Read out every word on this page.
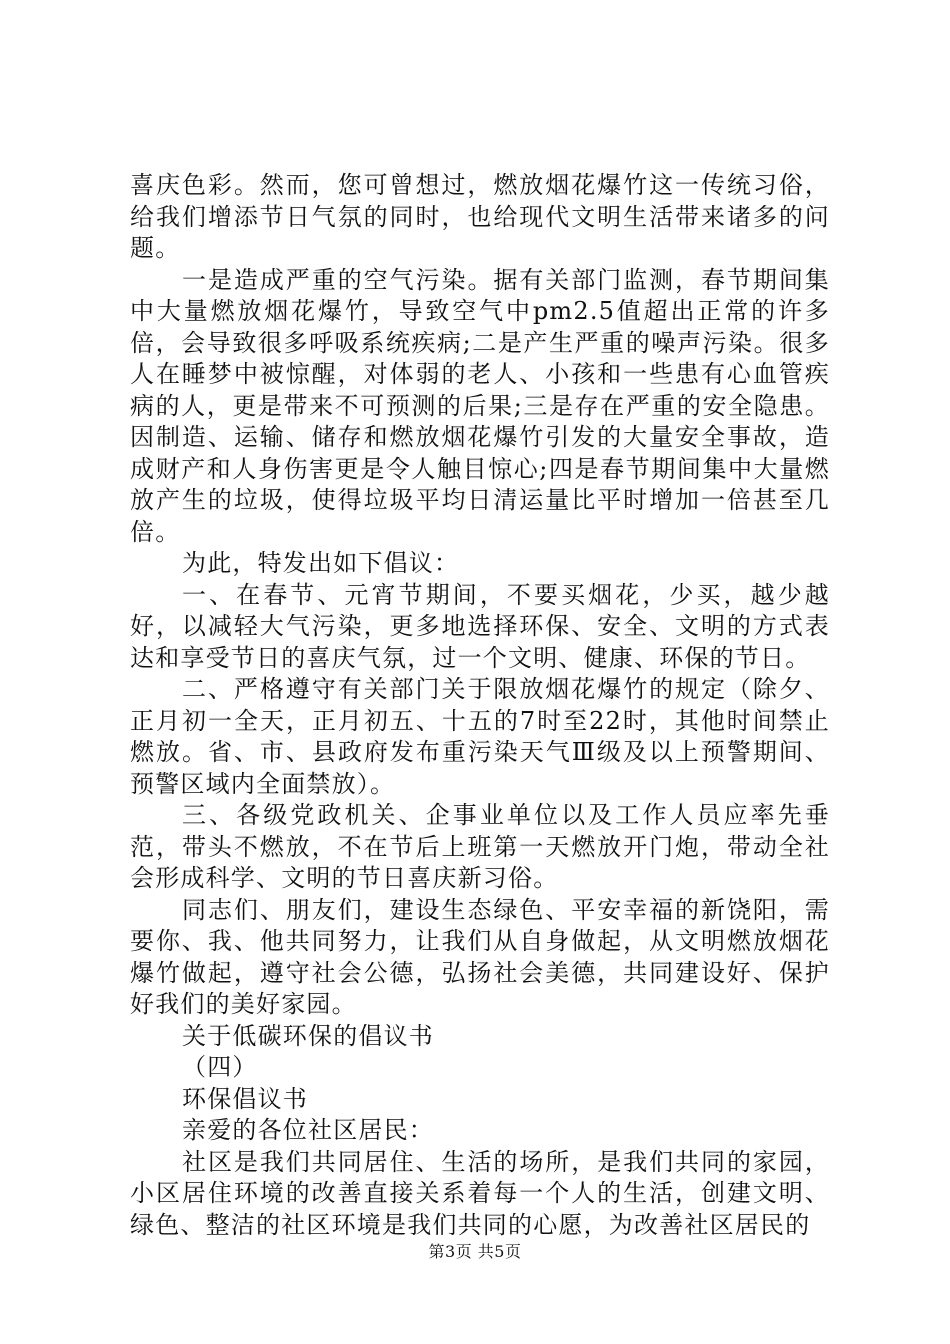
喜庆色彩。然而，您可曾想过，燃放烟花爆竹这一传统习俗，给我们增添节日气氛的同时，也给现代文明生活带来诸多的问题。

一是造成严重的空气污染。据有关部门监测，春节期间集中大量燃放烟花爆竹，导致空气中pm2.5值超出正常的许多倍，会导致很多呼吸系统疾病;二是产生严重的噪声污染。很多人在睡梦中被惊醒，对体弱的老人、小孩和一些患有心血管疾病的人，更是带来不可预测的后果;三是存在严重的安全隐患。因制造、运输、储存和燃放烟花爆竹引发的大量安全事故，造成财产和人身伤害更是令人触目惊心;四是春节期间集中大量燃放产生的垃圾，使得垃圾平均日清运量比平时增加一倍甚至几倍。

为此，特发出如下倡议：

一、在春节、元宵节期间，不要买烟花，少买，越少越好，以减轻大气污染，更多地选择环保、安全、文明的方式表达和享受节日的喜庆气氛，过一个文明、健康、环保的节日。

二、严格遵守有关部门关于限放烟花爆竹的规定（除夕、正月初一全天，正月初五、十五的7时至22时，其他时间禁止燃放。省、市、县政府发布重污染天气Ⅲ级及以上预警期间、预警区域内全面禁放）。

三、各级党政机关、企事业单位以及工作人员应率先垂范，带头不燃放，不在节后上班第一天燃放开门炮，带动全社会形成科学、文明的节日喜庆新习俗。

同志们、朋友们，建设生态绿色、平安幸福的新饶阳，需要你、我、他共同努力，让我们从自身做起，从文明燃放烟花爆竹做起，遵守社会公德，弘扬社会美德，共同建设好、保护好我们的美好家园。

关于低碳环保的倡议书

（四）

环保倡议书

亲爱的各位社区居民：

社区是我们共同居住、生活的场所，是我们共同的家园，小区居住环境的改善直接关系着每一个人的生活，创建文明、绿色、整洁的社区环境是我们共同的心愿，为改善社区居民的

第3页 共5页
